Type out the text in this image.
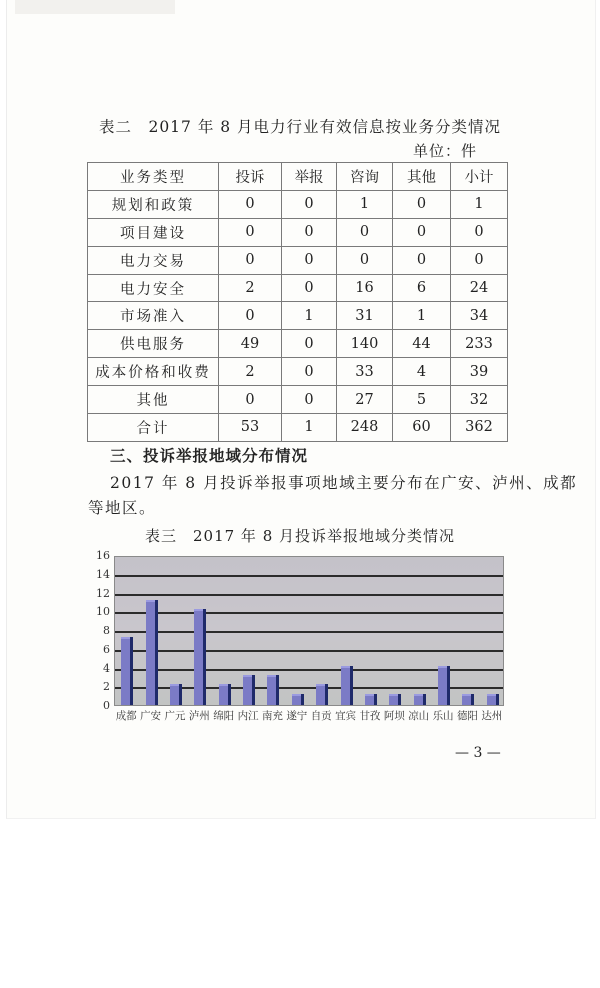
表二　2017 年 8 月电力行业有效信息按业务分类情况
单位：件
业务类型	投诉	举报	咨询	其他	小计
规划和政策	0	0	1	0	1
项目建设	0	0	0	0	0
电力交易	0	0	0	0	0
电力安全	2	0	16	6	24
市场准入	0	1	31	1	34
供电服务	49	0	140	44	233
成本价格和收费	2	0	33	4	39
其他	0	0	27	5	32
合计	53	1	248	60	362
三、投诉举报地域分布情况
2017 年 8 月投诉举报事项地域主要分布在广安、泸州、成都
等地区。
表三　2017 年 8 月投诉举报地域分类情况
0
2
4
6
8
10
12
14
16
成都 广安 广元 泸州 绵阳 内江 南充 遂宁 自贡 宜宾 甘孜 阿坝 凉山 乐山 德阳 达州
— 3 —
